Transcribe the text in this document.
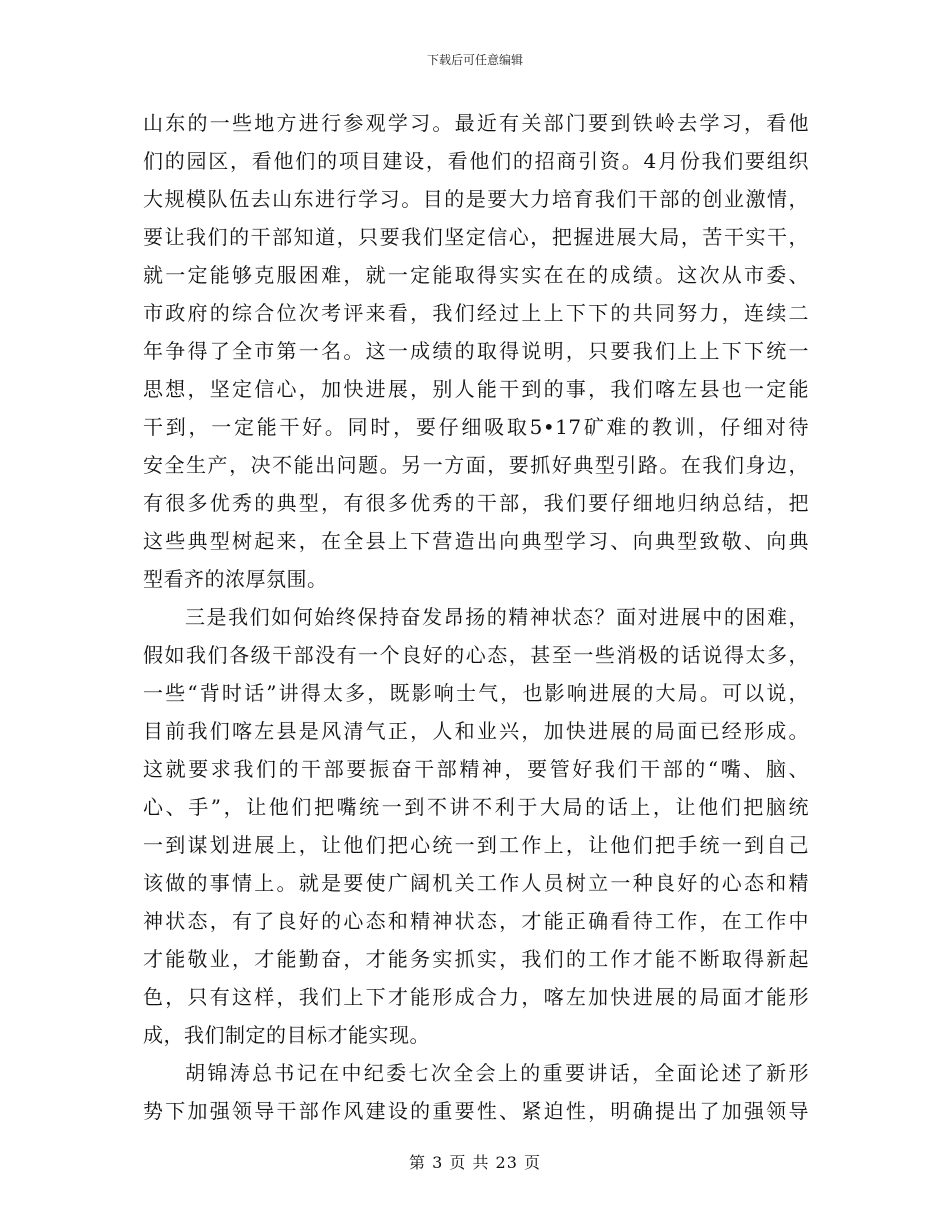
下载后可任意编辑
山东的一些地方进行参观学习。最近有关部门要到铁岭去学习，看他
们的园区，看他们的项目建设，看他们的招商引资。4月份我们要组织
大规模队伍去山东进行学习。目的是要大力培育我们干部的创业激情，
要让我们的干部知道，只要我们坚定信心，把握进展大局，苦干实干，
就一定能够克服困难，就一定能取得实实在在的成绩。这次从市委、
市政府的综合位次考评来看，我们经过上上下下的共同努力，连续二
年争得了全市第一名。这一成绩的取得说明，只要我们上上下下统一
思想，坚定信心，加快进展，别人能干到的事，我们喀左县也一定能
干到，一定能干好。同时，要仔细吸取5•17矿难的教训，仔细对待
安全生产，决不能出问题。另一方面，要抓好典型引路。在我们身边，
有很多优秀的典型，有很多优秀的干部，我们要仔细地归纳总结，把
这些典型树起来，在全县上下营造出向典型学习、向典型致敬、向典
型看齐的浓厚氛围。
三是我们如何始终保持奋发昂扬的精神状态？面对进展中的困难，
假如我们各级干部没有一个良好的心态，甚至一些消极的话说得太多，
一些“背时话”讲得太多，既影响士气，也影响进展的大局。可以说，
目前我们喀左县是风清气正，人和业兴，加快进展的局面已经形成。
这就要求我们的干部要振奋干部精神，要管好我们干部的“嘴、脑、
心、手”，让他们把嘴统一到不讲不利于大局的话上，让他们把脑统
一到谋划进展上，让他们把心统一到工作上，让他们把手统一到自己
该做的事情上。就是要使广阔机关工作人员树立一种良好的心态和精
神状态，有了良好的心态和精神状态，才能正确看待工作，在工作中
才能敬业，才能勤奋，才能务实抓实，我们的工作才能不断取得新起
色，只有这样，我们上下才能形成合力，喀左加快进展的局面才能形
成，我们制定的目标才能实现。
胡锦涛总书记在中纪委七次全会上的重要讲话，全面论述了新形
势下加强领导干部作风建设的重要性、紧迫性，明确提出了加强领导
第 3 页 共 23 页
